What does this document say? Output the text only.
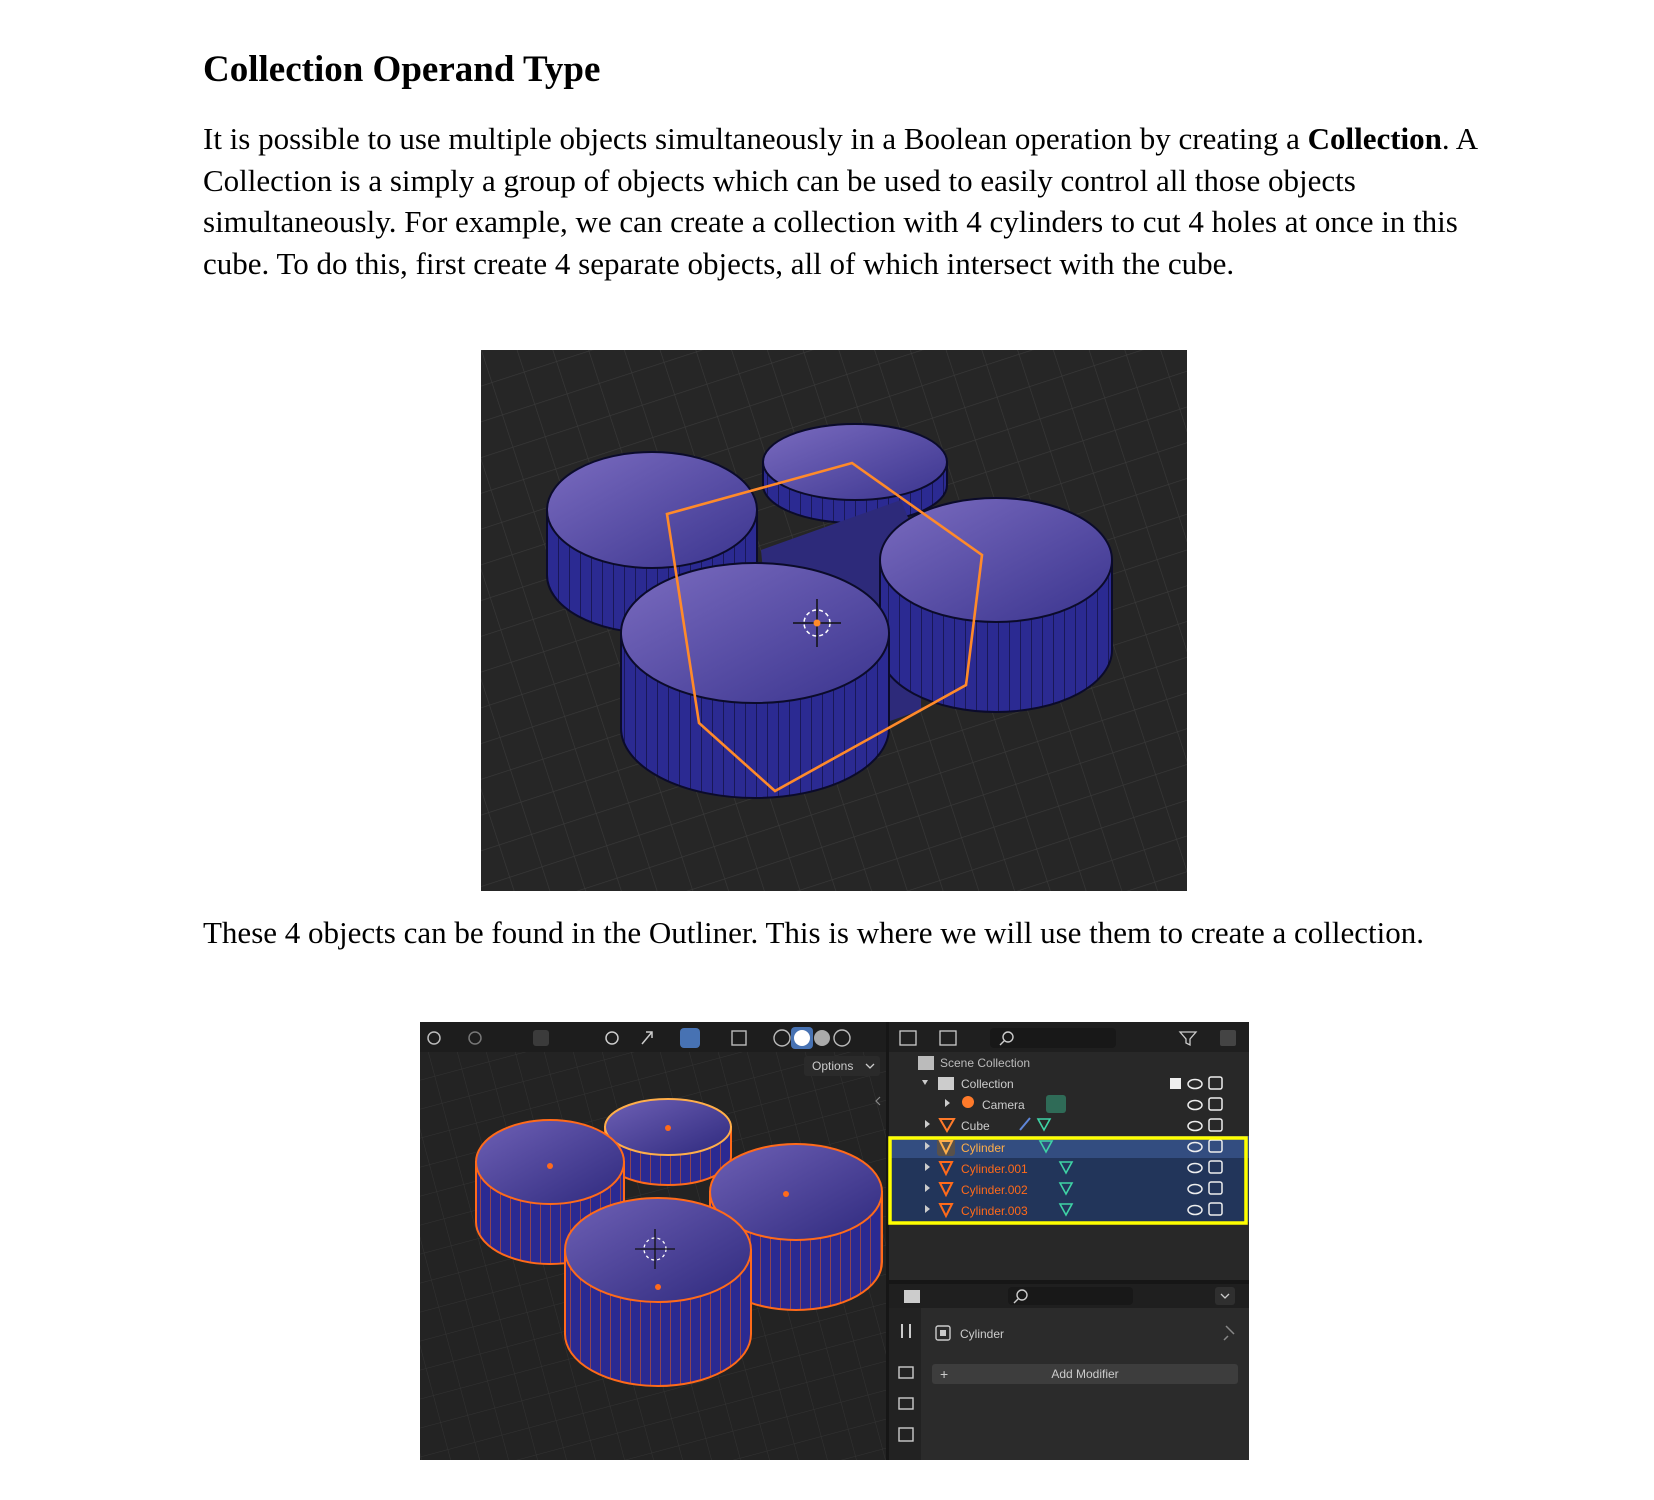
Collection Operand Type

It is possible to use multiple objects simultaneously in a Boolean operation by creating a Collection. A Collection is a simply a group of objects which can be used to easily control all those objects simultaneously. For example, we can create a collection with 4 cylinders to cut 4 holes at once in this cube. To do this, first create 4 separate objects, all of which intersect with the cube.

These 4 objects can be found in the Outliner. This is where we will use them to create a collection.

Options	Scene Collection
Collection
Camera
Cube
Cylinder
Cylinder.001
Cylinder.002
Cylinder.003
Cylinder
+	Add Modifier
